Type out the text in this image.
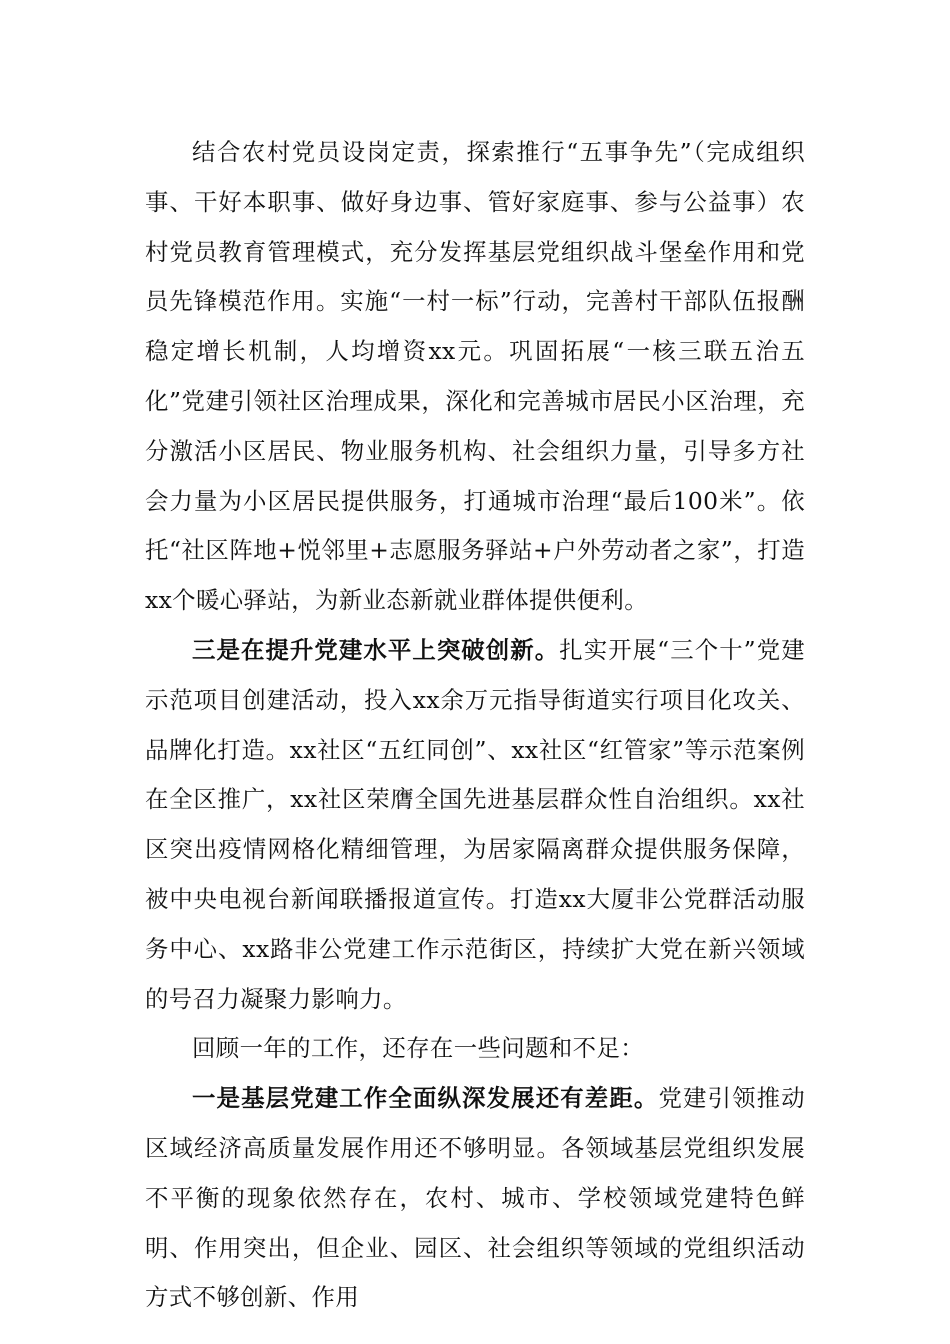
结合农村党员设岗定责，探索推行“五事争先”（完成组织事、干好本职事、做好身边事、管好家庭事、参与公益事）农村党员教育管理模式，充分发挥基层党组织战斗堡垒作用和党员先锋模范作用。实施“一村一标”行动，完善村干部队伍报酬稳定增长机制，人均增资xx元。巩固拓展“一核三联五治五化”党建引领社区治理成果，深化和完善城市居民小区治理，充分激活小区居民、物业服务机构、社会组织力量，引导多方社会力量为小区居民提供服务，打通城市治理“最后100米”。依托“社区阵地+悦邻里+志愿服务驿站+户外劳动者之家”，打造xx个暖心驿站，为新业态新就业群体提供便利。

三是在提升党建水平上突破创新。扎实开展“三个十”党建示范项目创建活动，投入xx余万元指导街道实行项目化攻关、品牌化打造。xx社区“五红同创”、xx社区“红管家”等示范案例在全区推广，xx社区荣膺全国先进基层群众性自治组织。xx社区突出疫情网格化精细管理，为居家隔离群众提供服务保障，被中央电视台新闻联播报道宣传。打造xx大厦非公党群活动服务中心、xx路非公党建工作示范街区，持续扩大党在新兴领域的号召力凝聚力影响力。

回顾一年的工作，还存在一些问题和不足：

一是基层党建工作全面纵深发展还有差距。党建引领推动区域经济高质量发展作用还不够明显。各领域基层党组织发展不平衡的现象依然存在，农村、城市、学校领域党建特色鲜明、作用突出，但企业、园区、社会组织等领域的党组织活动方式不够创新、作用
